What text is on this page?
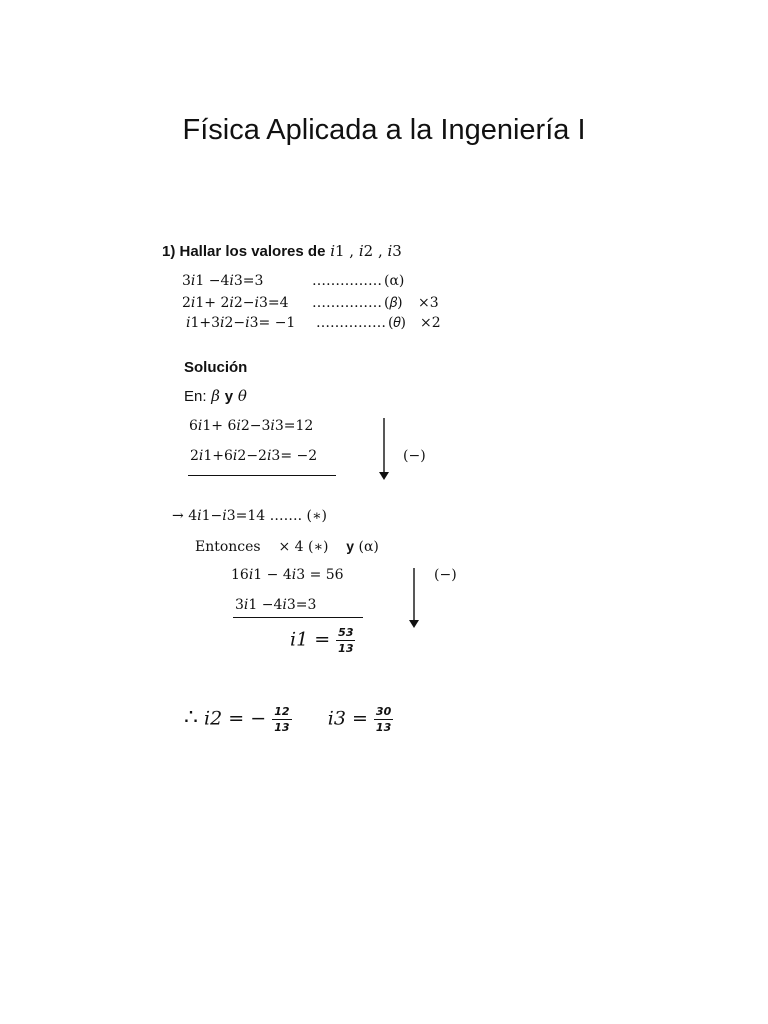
Física Aplicada a la Ingeniería I
1) Hallar los valores de 𝑖1 , 𝑖2 , 𝑖3
3𝑖1 −4𝑖3=3	…………… (α)
2𝑖1+ 2𝑖2−𝑖3=4 …………… (𝛽) ×3
𝑖1+3𝑖2−𝑖3= −1 …………… (𝜃) ×2
Solución
En: 𝛽 y 𝜃
6𝑖1+ 6𝑖2−3𝑖3=12
2𝑖1+6𝑖2−2𝑖3= −2	(−)
→ 4𝑖1−𝑖3=14 ……. (∗)
Entonces × 4 (∗) y (α)
16𝑖1 − 4𝑖3 = 56
3𝑖1 −4𝑖3=3
(−)
𝑖1 = $\frac{53}{13}$
∴ 𝑖2 = − $\frac{12}{13}$ 𝑖3 = $\frac{30}{13}$
